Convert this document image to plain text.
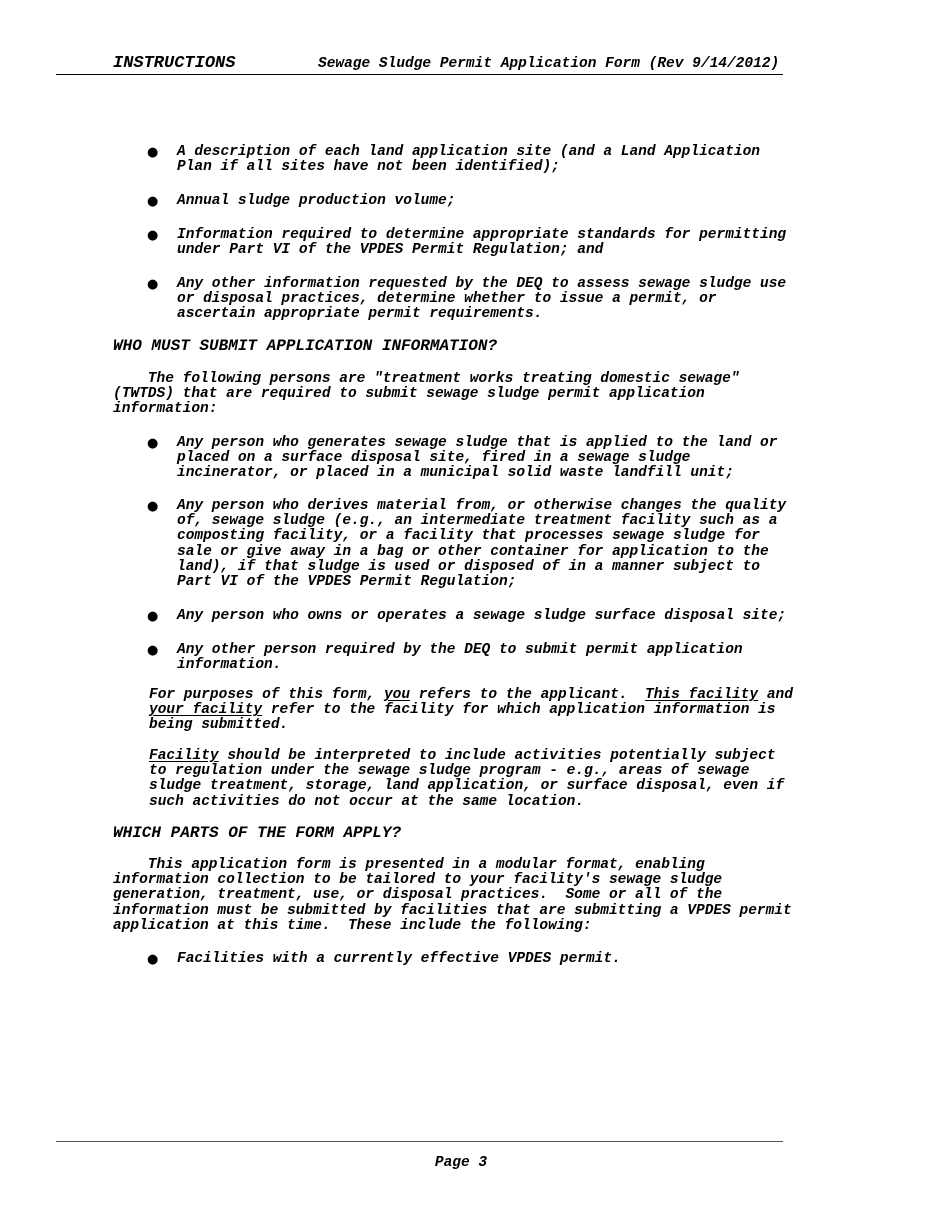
INSTRUCTIONS	Sewage Sludge Permit Application Form (Rev 9/14/2012)
● A description of each land application site (and a Land Application
Plan if all sites have not been identified);
● Annual sludge production volume;
● Information required to determine appropriate standards for permitting
under Part VI of the VPDES Permit Regulation; and
● Any other information requested by the DEQ to assess sewage sludge use
or disposal practices, determine whether to issue a permit, or
ascertain appropriate permit requirements.
WHO MUST SUBMIT APPLICATION INFORMATION?
The following persons are "treatment works treating domestic sewage"
(TWTDS) that are required to submit sewage sludge permit application
information:
● Any person who generates sewage sludge that is applied to the land or
placed on a surface disposal site, fired in a sewage sludge
incinerator, or placed in a municipal solid waste landfill unit;
● Any person who derives material from, or otherwise changes the quality
of, sewage sludge (e.g., an intermediate treatment facility such as a
composting facility, or a facility that processes sewage sludge for
sale or give away in a bag or other container for application to the
land), if that sludge is used or disposed of in a manner subject to
Part VI of the VPDES Permit Regulation;
● Any person who owns or operates a sewage sludge surface disposal site;
● Any other person required by the DEQ to submit permit application
information.
For purposes of this form, you refers to the applicant.  This facility and
your facility refer to the facility for which application information is
being submitted.
Facility should be interpreted to include activities potentially subject
to regulation under the sewage sludge program - e.g., areas of sewage
sludge treatment, storage, land application, or surface disposal, even if
such activities do not occur at the same location.
WHICH PARTS OF THE FORM APPLY?
This application form is presented in a modular format, enabling
information collection to be tailored to your facility's sewage sludge
generation, treatment, use, or disposal practices.  Some or all of the
information must be submitted by facilities that are submitting a VPDES permit
application at this time.  These include the following:
● Facilities with a currently effective VPDES permit.
Page 3
